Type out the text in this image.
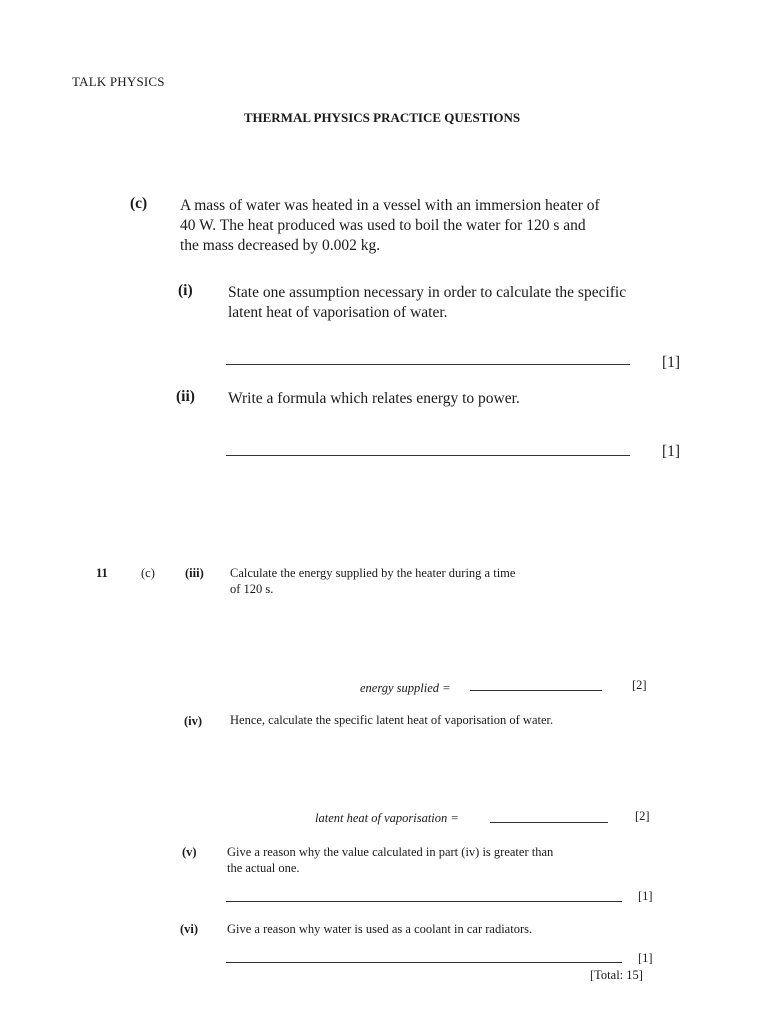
TALK PHYSICS
THERMAL PHYSICS PRACTICE QUESTIONS
(c) A mass of water was heated in a vessel with an immersion heater of
40 W. The heat produced was used to boil the water for 120 s and
the mass decreased by 0.002 kg.
(i) State one assumption necessary in order to calculate the specific
latent heat of vaporisation of water.
[1]
(ii) Write a formula which relates energy to power.
[1]
11	(c) (iii) Calculate the energy supplied by the heater during a time
of 120 s.
energy supplied =	[2]
(iv) Hence, calculate the specific latent heat of vaporisation of water.
latent heat of vaporisation =	[2]
(v) Give a reason why the value calculated in part (iv) is greater than
the actual one.
[1]
(vi) Give a reason why water is used as a coolant in car radiators.
[1]
[Total: 15]
